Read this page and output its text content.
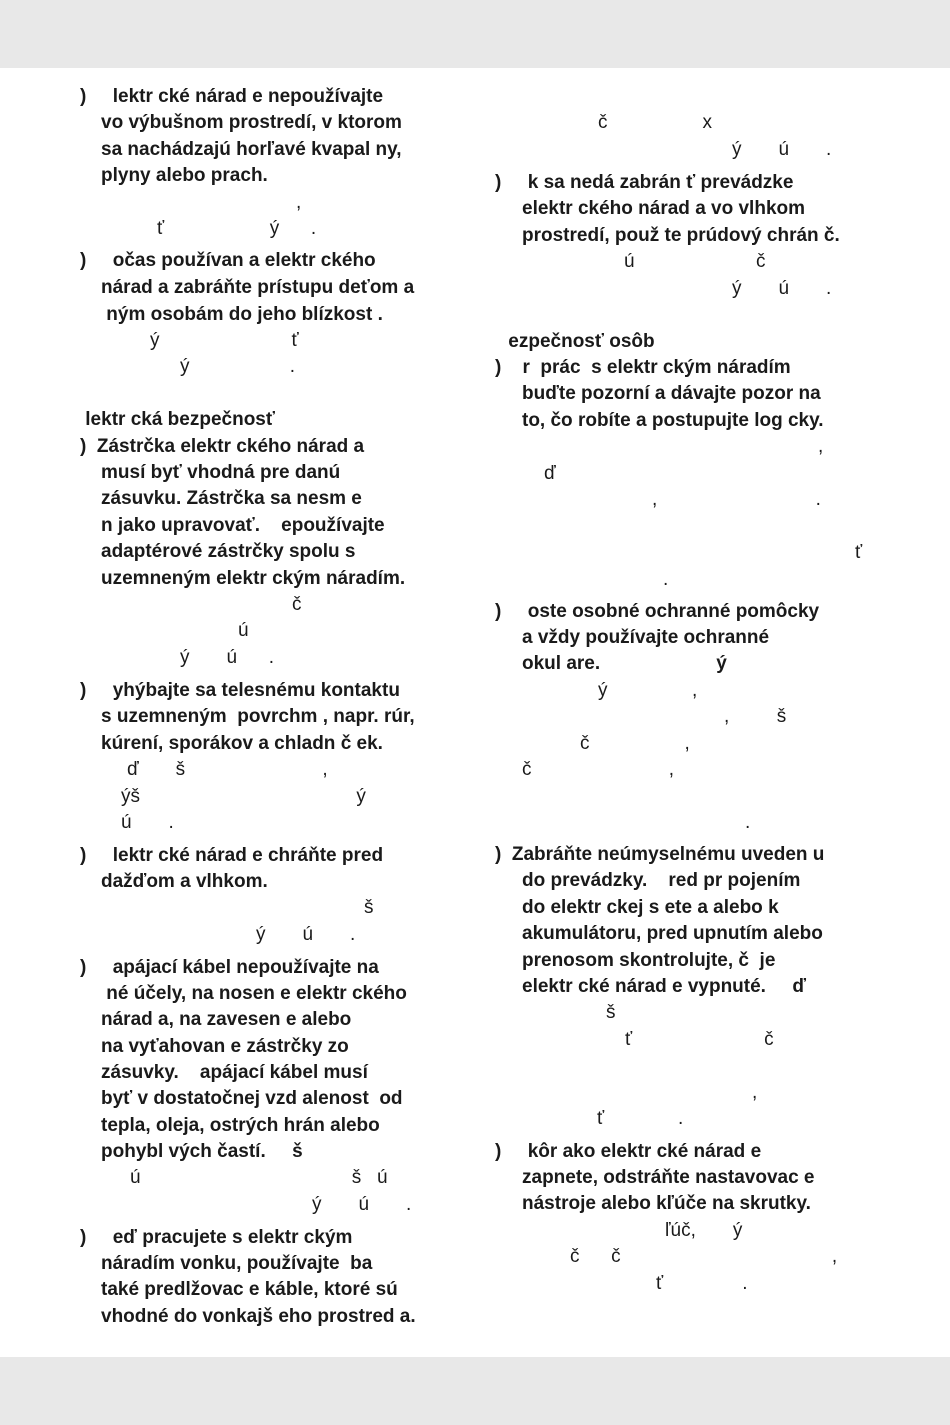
)     lektr cké nárad e nepoužívajte
vo výbušnom prostredí, v ktorom
sa nachádzajú horľavé kvapal ny,
plyny alebo prach.
,
ť                    ý      .
)     očas používan a elektr ckého
nárad a zabráňte prístupu deťom a
ným osobám do jeho blízkost .
ý                         ť
ý                   .
lektr cká bezpečnosť
)  Zástrčka elektr ckého nárad a
musí byť vhodná pre danú
zásuvku. Zástrčka sa nesm e
n jako upravovať.    epoužívajte
adaptérové zástrčky spolu s
uzemneným elektr ckým náradím.
č
ú
ý       ú      .
)     yhýbajte sa telesnému kontaktu
s uzemneným  povrchm , napr. rúr,
kúrení, sporákov a chladn č ek.
ď       š                          ,
ýš                                         ý
ú       .
)     lektr cké nárad e chráňte pred
dažďom a vlhkom.
š
ý       ú       .
)     apájací kábel nepoužívajte na
né účely, na nosen e elektr ckého
nárad a, na zavesen e alebo
na vyťahovan e zástrčky zo
zásuvky.    apájací kábel musí
byť v dostatočnej vzd alenost  od
tepla, oleja, ostrých hrán alebo
pohybl vých častí.     š
ú                                        š   ú
ý       ú       .
)     eď pracujete s elektr ckým
náradím vonku, používajte  ba
také predlžovac e káble, ktoré sú
vhodné do vonkajš eho prostred a.
č                  x
ý       ú       .
)     k sa nedá zabrán ť prevádzke
elektr ckého nárad a vo vlhkom
prostredí, použ te prúdový chrán č.
ú                       č
ý       ú       .
ezpečnosť osôb
)    r  prác  s elektr ckým náradím
buďte pozorní a dávajte pozor na
to, čo robíte a postupujte log cky.
,
ď
,                              .
ť
.
)     oste osobné ochranné pomôcky
a vždy používajte ochranné
okul are.                      ý
ý                ,
,         š
č                  ,
č                          ,
.
)  Zabráňte neúmyselnému uveden u
do prevádzky.    red pr pojením
do elektr ckej s ete a alebo k
akumulátoru, pred upnutím alebo
prenosom skontrolujte, č  je
elektr cké nárad e vypnuté.     ď
š
ť                         č
,
ť              .
)     kôr ako elektr cké nárad e
zapnete, odstráňte nastavovac e
nástroje alebo kľúče na skrutky.
ľúč,       ý
č      č                                        ,
ť               .
